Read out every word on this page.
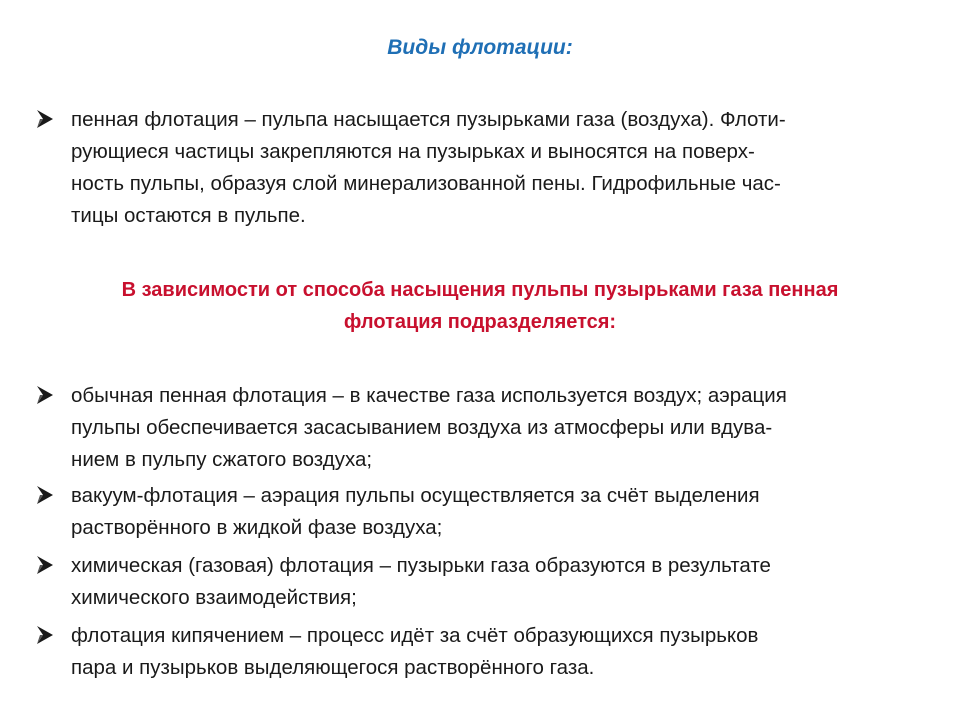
Виды флотации:
пенная флотация – пульпа насыщается пузырьками газа (воздуха). Флоти-
рующиеся частицы закрепляются на пузырьках и выносятся на поверх-
ность пульпы, образуя слой минерализованной пены. Гидрофильные час-
тицы остаются в пульпе.
В зависимости от способа насыщения пульпы пузырьками газа пенная
флотация подразделяется:
обычная пенная флотация – в качестве газа используется воздух; аэрация
пульпы обеспечивается засасыванием воздуха из атмосферы или вдува-
нием в пульпу сжатого воздуха;
вакуум-флотация – аэрация пульпы осуществляется за счёт выделения
растворённого в жидкой фазе воздуха;
химическая (газовая) флотация – пузырьки газа образуются в результате
химического взаимодействия;
флотация кипячением – процесс идёт за счёт образующихся пузырьков
пара и пузырьков выделяющегося растворённого газа.
